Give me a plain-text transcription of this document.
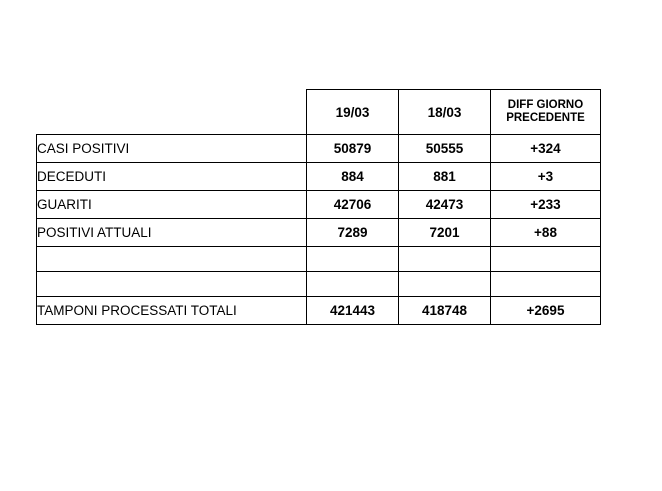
	19/03	18/03	DIFF GIORNO
PRECEDENTE

CASI POSITIVI	50879	50555	+324
DECEDUTI	884	881	+3
GUARITI	42706	42473	+233
POSITIVI ATTUALI	7289	7201	+88

TAMPONI PROCESSATI TOTALI	421443	418748	+2695
